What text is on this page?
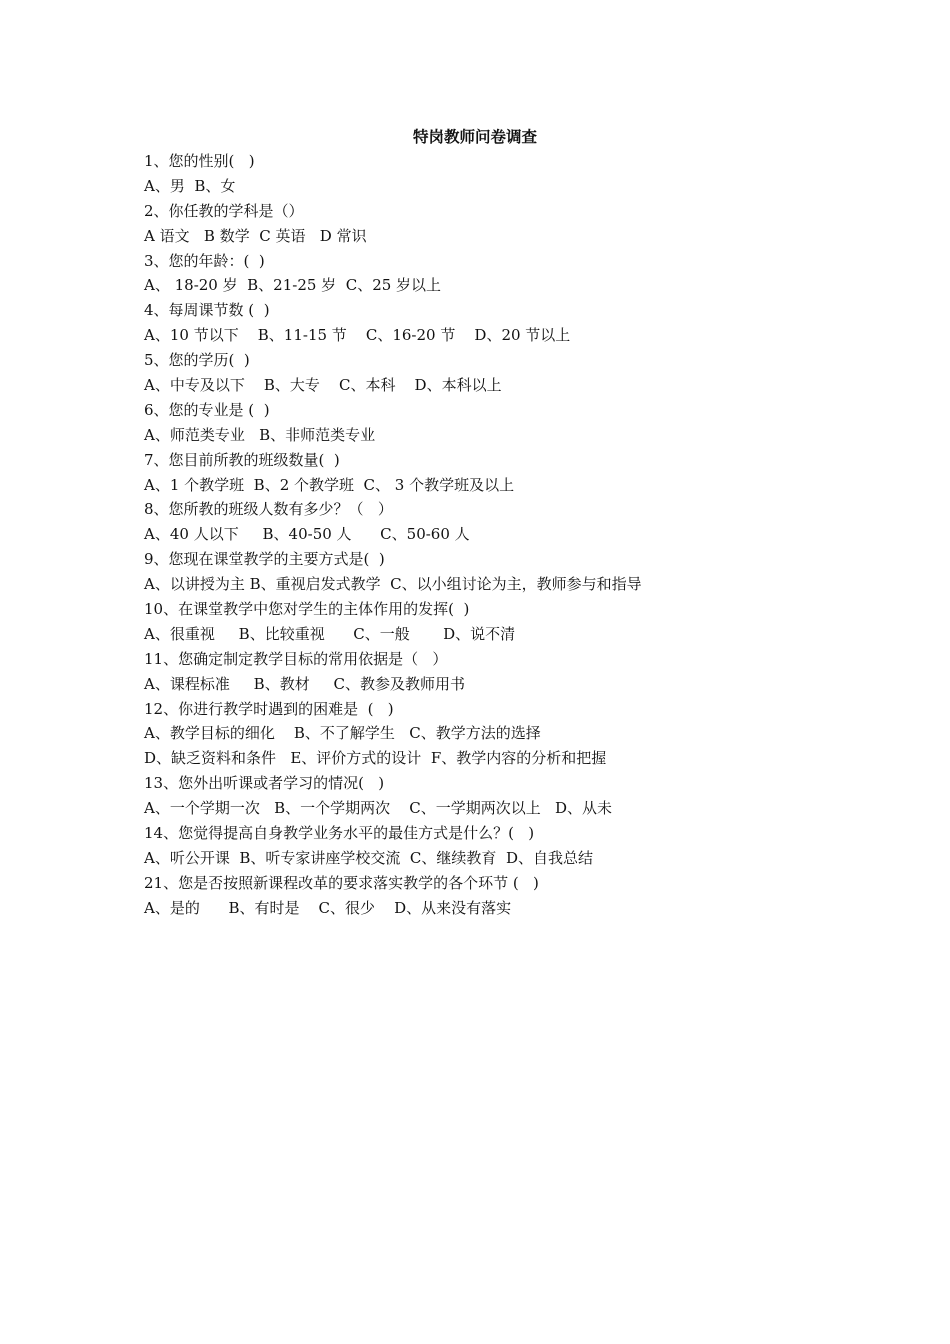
特岗教师问卷调查
1、您的性别(   )
A、男  B、女
2、你任教的学科是（）
A 语文   B 数学  C 英语   D 常识
3、您的年龄：(  )
A、 18-20 岁  B、21-25 岁  C、25 岁以上
4、每周课节数 (  )
A、10 节以下    B、11-15 节    C、16-20 节    D、20 节以上
5、您的学历(  )
A、中专及以下    B、大专    C、本科    D、本科以上
6、您的专业是 (  )
A、师范类专业   B、非师范类专业
7、您目前所教的班级数量(  )
A、1 个教学班  B、2 个教学班  C、 3 个教学班及以上
8、您所教的班级人数有多少？（   ）
A、40 人以下     B、40-50 人      C、50-60 人
9、您现在课堂教学的主要方式是(  )
A、以讲授为主 B、重视启发式教学  C、以小组讨论为主，教师参与和指导
10、在课堂教学中您对学生的主体作用的发挥(  )
A、很重视     B、比较重视      C、一般       D、说不清
11、您确定制定教学目标的常用依据是（   ）
A、课程标准     B、教材     C、教参及教师用书
12、你进行教学时遇到的困难是  (   )
A、教学目标的细化    B、不了解学生   C、教学方法的选择
D、缺乏资料和条件   E、评价方式的设计  F、教学内容的分析和把握
13、您外出听课或者学习的情况(   )
A、一个学期一次   B、一个学期两次    C、一学期两次以上   D、从未
14、您觉得提高自身教学业务水平的最佳方式是什么？(   )
A、听公开课  B、听专家讲座学校交流  C、继续教育  D、自我总结
21、您是否按照新课程改革的要求落实教学的各个环节 (   )
A、是的      B、有时是    C、很少    D、从来没有落实
